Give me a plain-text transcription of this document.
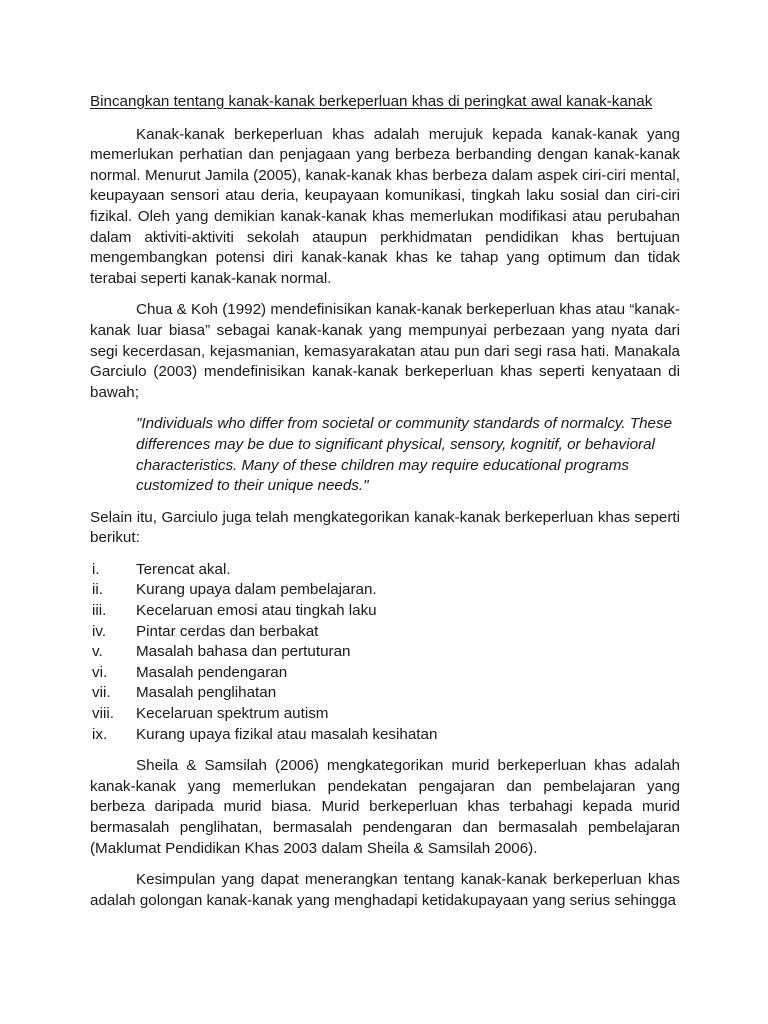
Bincangkan tentang kanak-kanak berkeperluan khas di peringkat awal kanak-kanak

Kanak-kanak berkeperluan khas adalah merujuk kepada kanak-kanak yang memerlukan perhatian dan penjagaan yang berbeza berbanding dengan kanak-kanak normal. Menurut Jamila (2005), kanak-kanak khas berbeza dalam aspek ciri-ciri mental, keupayaan sensori atau deria, keupayaan komunikasi, tingkah laku sosial dan ciri-ciri fizikal. Oleh yang demikian kanak-kanak khas memerlukan modifikasi atau perubahan dalam aktiviti-aktiviti sekolah ataupun perkhidmatan pendidikan khas bertujuan mengembangkan potensi diri kanak-kanak khas ke tahap yang optimum dan tidak terabai seperti kanak-kanak normal.

Chua & Koh (1992) mendefinisikan kanak-kanak berkeperluan khas atau “kanak-kanak luar biasa” sebagai kanak-kanak yang mempunyai perbezaan yang nyata dari segi kecerdasan, kejasmanian, kemasyarakatan atau pun dari segi rasa hati. Manakala Garciulo (2003) mendefinisikan kanak-kanak berkeperluan khas seperti kenyataan di bawah;

"Individuals who differ from societal or community standards of normalcy. These differences may be due to significant physical, sensory, kognitif, or behavioral characteristics. Many of these children may require educational programs customized to their unique needs."

Selain itu, Garciulo juga telah mengkategorikan kanak-kanak berkeperluan khas seperti berikut:

i.	Terencat akal.
ii.	Kurang upaya dalam pembelajaran.
iii.	Kecelaruan emosi atau tingkah laku
iv.	Pintar cerdas dan berbakat
v.	Masalah bahasa dan pertuturan
vi.	Masalah pendengaran
vii.	Masalah penglihatan
viii.	Kecelaruan spektrum autism
ix.	Kurang upaya fizikal atau masalah kesihatan

Sheila & Samsilah (2006) mengkategorikan murid berkeperluan khas adalah kanak-kanak yang memerlukan pendekatan pengajaran dan pembelajaran yang berbeza daripada murid biasa. Murid berkeperluan khas terbahagi kepada murid bermasalah penglihatan, bermasalah pendengaran dan bermasalah pembelajaran (Maklumat Pendidikan Khas 2003 dalam Sheila & Samsilah 2006).

Kesimpulan yang dapat menerangkan tentang kanak-kanak berkeperluan khas adalah golongan kanak-kanak yang menghadapi ketidakupayaan yang serius sehingga
